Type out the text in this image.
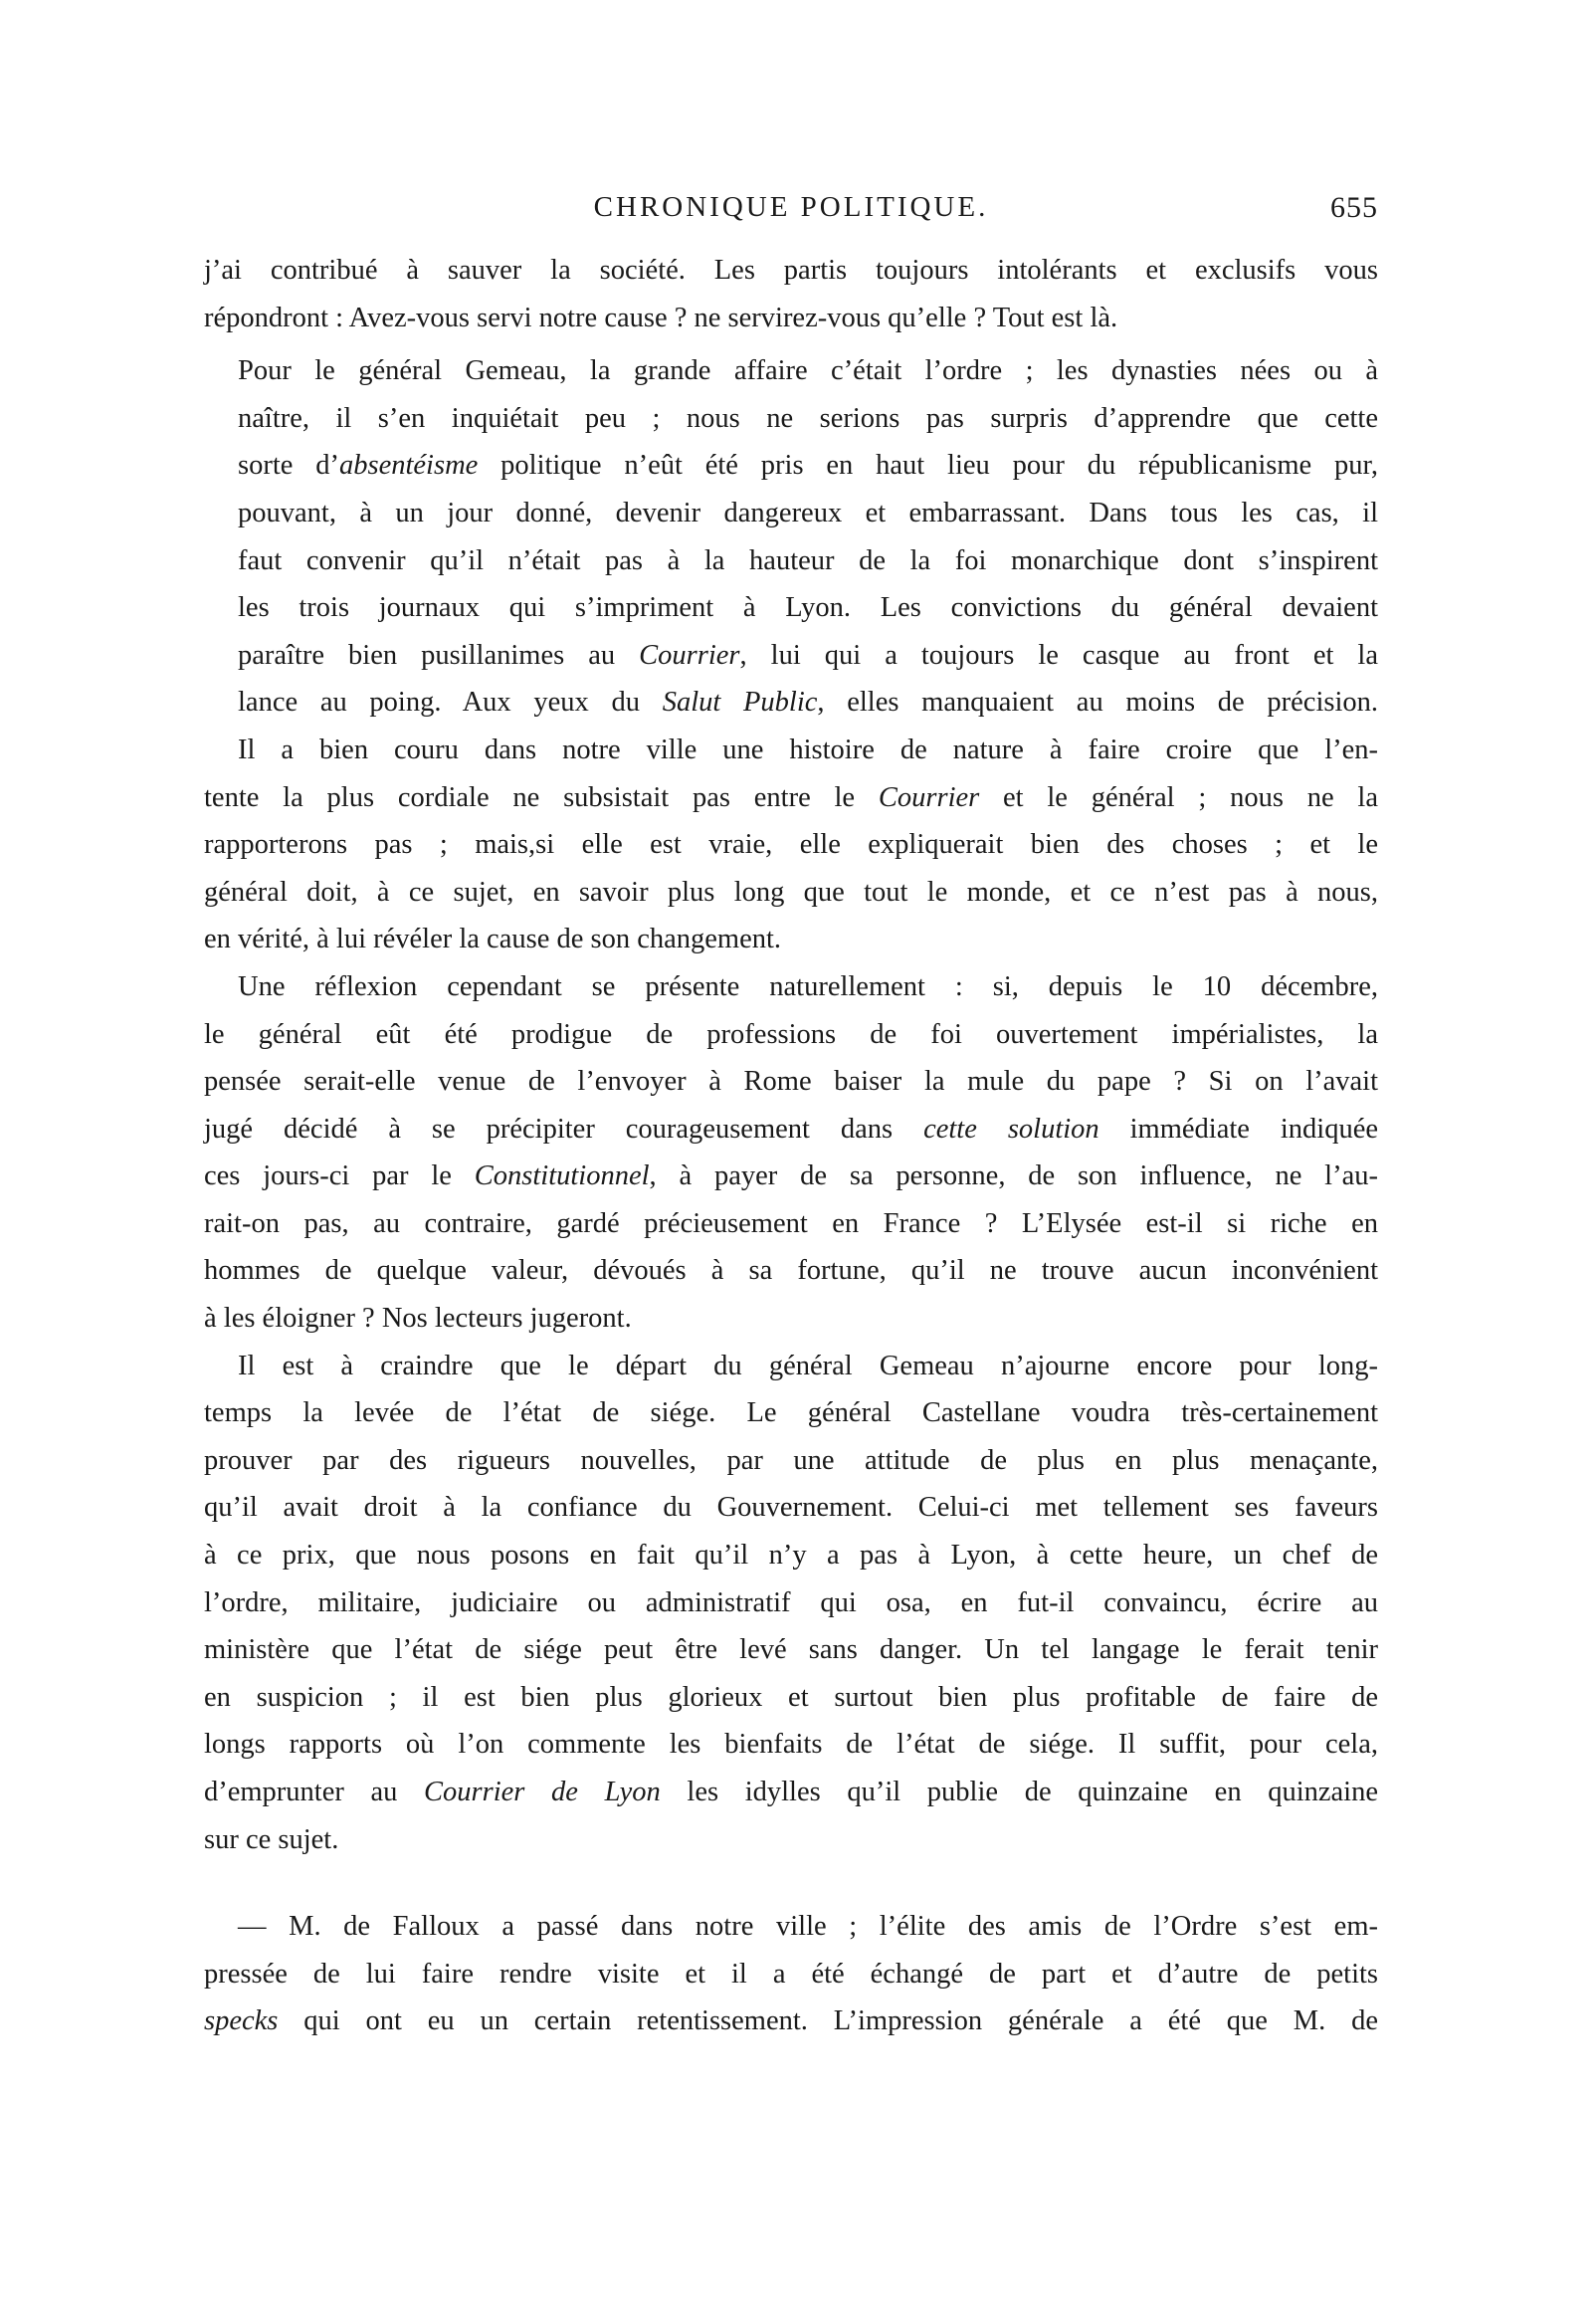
CHRONIQUE POLITIQUE.	655

j’ai contribué à sauver la société. Les partis toujours intolérants et exclusifs vous
répondront : Avez-vous servi notre cause ? ne servirez-vous qu’elle ? Tout est là.

Pour le général Gemeau, la grande affaire c’était l’ordre ; les dynasties nées ou à
naître, il s’en inquiétait peu ; nous ne serions pas surpris d’apprendre que cette
sorte d’absentéisme politique n’eût été pris en haut lieu pour du républicanisme pur,
pouvant, à un jour donné, devenir dangereux et embarrassant. Dans tous les cas, il
faut convenir qu’il n’était pas à la hauteur de la foi monarchique dont s’inspirent
les trois journaux qui s’impriment à Lyon. Les convictions du général devaient
paraître bien pusillanimes au Courrier, lui qui a toujours le casque au front et la
lance au poing. Aux yeux du Salut Public, elles manquaient au moins de précision.

Il a bien couru dans notre ville une histoire de nature à faire croire que l’en-
tente la plus cordiale ne subsistait pas entre le Courrier et le général ; nous ne la
rapporterons pas ; mais,si elle est vraie, elle expliquerait bien des choses ; et le
général doit, à ce sujet, en savoir plus long que tout le monde, et ce n’est pas à nous,
en vérité, à lui révéler la cause de son changement.

Une réflexion cependant se présente naturellement : si, depuis le 10 décembre,
le général eût été prodigue de professions de foi ouvertement impérialistes, la
pensée serait-elle venue de l’envoyer à Rome baiser la mule du pape ? Si on l’avait
jugé décidé à se précipiter courageusement dans cette solution immédiate indiquée
ces jours-ci par le Constitutionnel, à payer de sa personne, de son influence, ne l’au-
rait-on pas, au contraire, gardé précieusement en France ? L’Elysée est-il si riche en
hommes de quelque valeur, dévoués à sa fortune, qu’il ne trouve aucun inconvénient
à les éloigner ? Nos lecteurs jugeront.

Il est à craindre que le départ du général Gemeau n’ajourne encore pour long-
temps la levée de l’état de siége. Le général Castellane voudra très-certainement
prouver par des rigueurs nouvelles, par une attitude de plus en plus menaçante,
qu’il avait droit à la confiance du Gouvernement. Celui-ci met tellement ses faveurs
à ce prix, que nous posons en fait qu’il n’y a pas à Lyon, à cette heure, un chef de
l’ordre, militaire, judiciaire ou administratif qui osa, en fut-il convaincu, écrire au
ministère que l’état de siége peut être levé sans danger. Un tel langage le ferait tenir
en suspicion ; il est bien plus glorieux et surtout bien plus profitable de faire de
longs rapports où l’on commente les bienfaits de l’état de siége. Il suffit, pour cela,
d’emprunter au Courrier de Lyon les idylles qu’il publie de quinzaine en quinzaine
sur ce sujet.

— M. de Falloux a passé dans notre ville ; l’élite des amis de l’Ordre s’est em-
pressée de lui faire rendre visite et il a été échangé de part et d’autre de petits
specks qui ont eu un certain retentissement. L’impression générale a été que M. de
